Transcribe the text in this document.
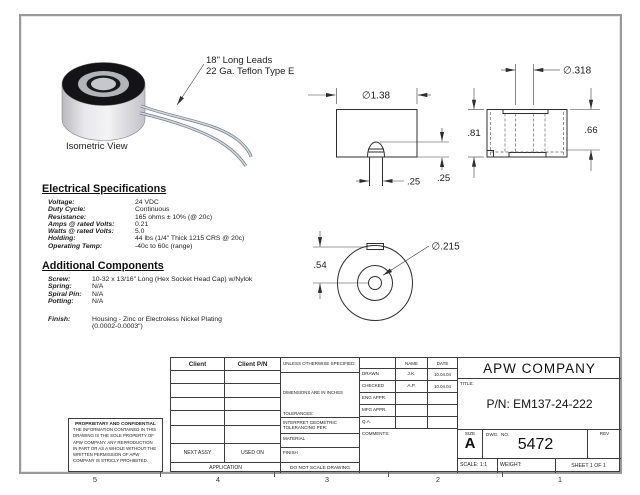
18" Long Leads
22 Ga. Teflon Type E
Isometric View
∅1.38
.25 .25
∅.318
.81	.66
.54
∅.215
Electrical Specifications
Voltage:	24 VDC
Duty Cycle:	Continuous
Resistance:	165 ohms ± 10% (@ 20c)
Amps @ rated Volts:	0.21
Watts @ rated Volts:	5.0
Holding:	44 lbs (1/4" Thick 1215 CRS @ 20c)
Operating Temp:	-40c to 60c (range)
Additional Components
Screw:	10-32 x 13/16" Long (Hex Socket Head Cap) w/Nylok
Spring:	N/A
Spiral Pin:	N/A
Potting:	N/A
Finish:	Housing - Zinc or Electroless Nickel Plating
(0.0002-0.0003")
PROPRIETARY AND CONFIDENTIAL
THE INFORMATION CONTAINED IN THIS DRAWING IS THE SOLE PROPERTY OF APW COMPANY. ANY REPRODUCTION IN PART OR AS A WHOLE WITHOUT THE WRITTEN PERMISSION OF APW COMPANY IS STRICLY PROHIBITED.
Client	Client P/N
NEXT ASSY	USED ON
APPLICATION
UNLESS OTHERWISE SPECIFIED:

DIMENSIONS ARE IN INCHES

TOLERANCES:

INTERPRET GEOMETRIC
TOLERANCING PER:
MATERIAL
FINISH
DO NOT SCALE DRAWING
NAME	DATE
DRAWN	J.K.	10.04.04
CHECKED	A.P.	10.04.04
ENG APPR.
MFG APPR.
Q.A.
COMMENTS:
APW COMPANY
TITLE:
P/N: EM137-24-222
SIZE
A
DWG.  NO.
5472
REV
SCALE: 1:1	WEIGHT:	SHEET 1 OF 1
5	4	3	2	1
